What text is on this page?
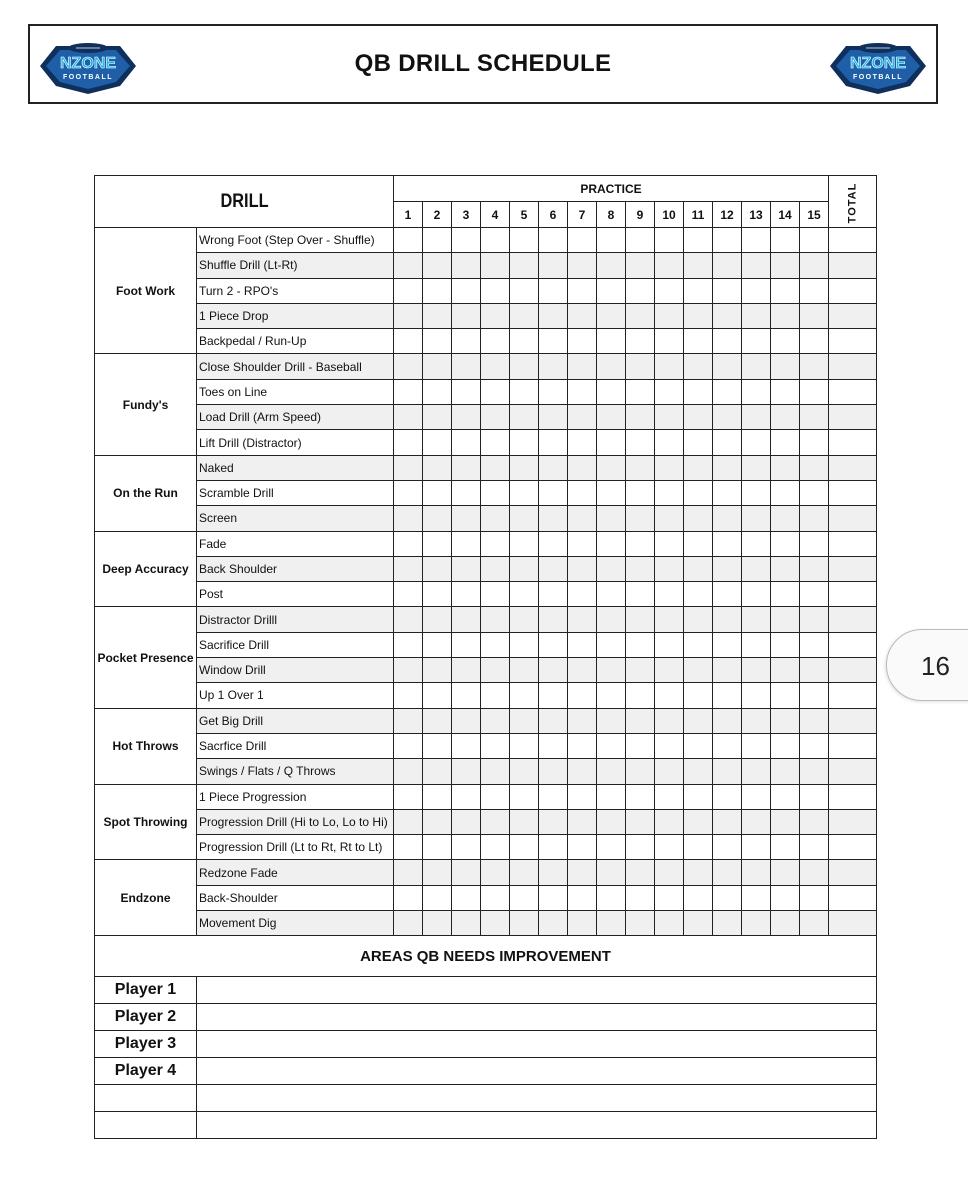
NZONE
FOOTBALL
QB DRILL SCHEDULE	NZONE
FOOTBALL
DRILL		PRACTICE															TOTAL
		1	2	3	4	5	6	7	8	9	10	11	12	13	14	15	
Foot Work	Wrong Foot (Step Over - Shuffle)																
	Shuffle Drill (Lt-Rt)																
	Turn 2 - RPO's																
	1 Piece Drop																
	Backpedal / Run-Up																
Fundy's	Close Shoulder Drill - Baseball																
	Toes on Line																
	Load Drill (Arm Speed)																
	Lift Drill (Distractor)																
On the Run	Naked																
	Scramble Drill																
	Screen																
Deep Accuracy	Fade																
	Back Shoulder																
	Post																
Pocket Presence	Distractor Drilll																
	Sacrifice Drill																
	Window Drill																
	Up 1 Over 1																
Hot Throws	Get Big Drill																
	Sacrfice Drill																
	Swings / Flats / Q Throws																
Spot Throwing	1 Piece Progression																
	Progression Drill (Hi to Lo, Lo to Hi)																
	Progression Drill (Lt to Rt, Rt to Lt)																
Endzone	Redzone Fade																
	Back-Shoulder																
	Movement Dig																
AREAS QB NEEDS IMPROVEMENT																	
Player 1																	
Player 2																	
Player 3																	
Player 4																	

16
